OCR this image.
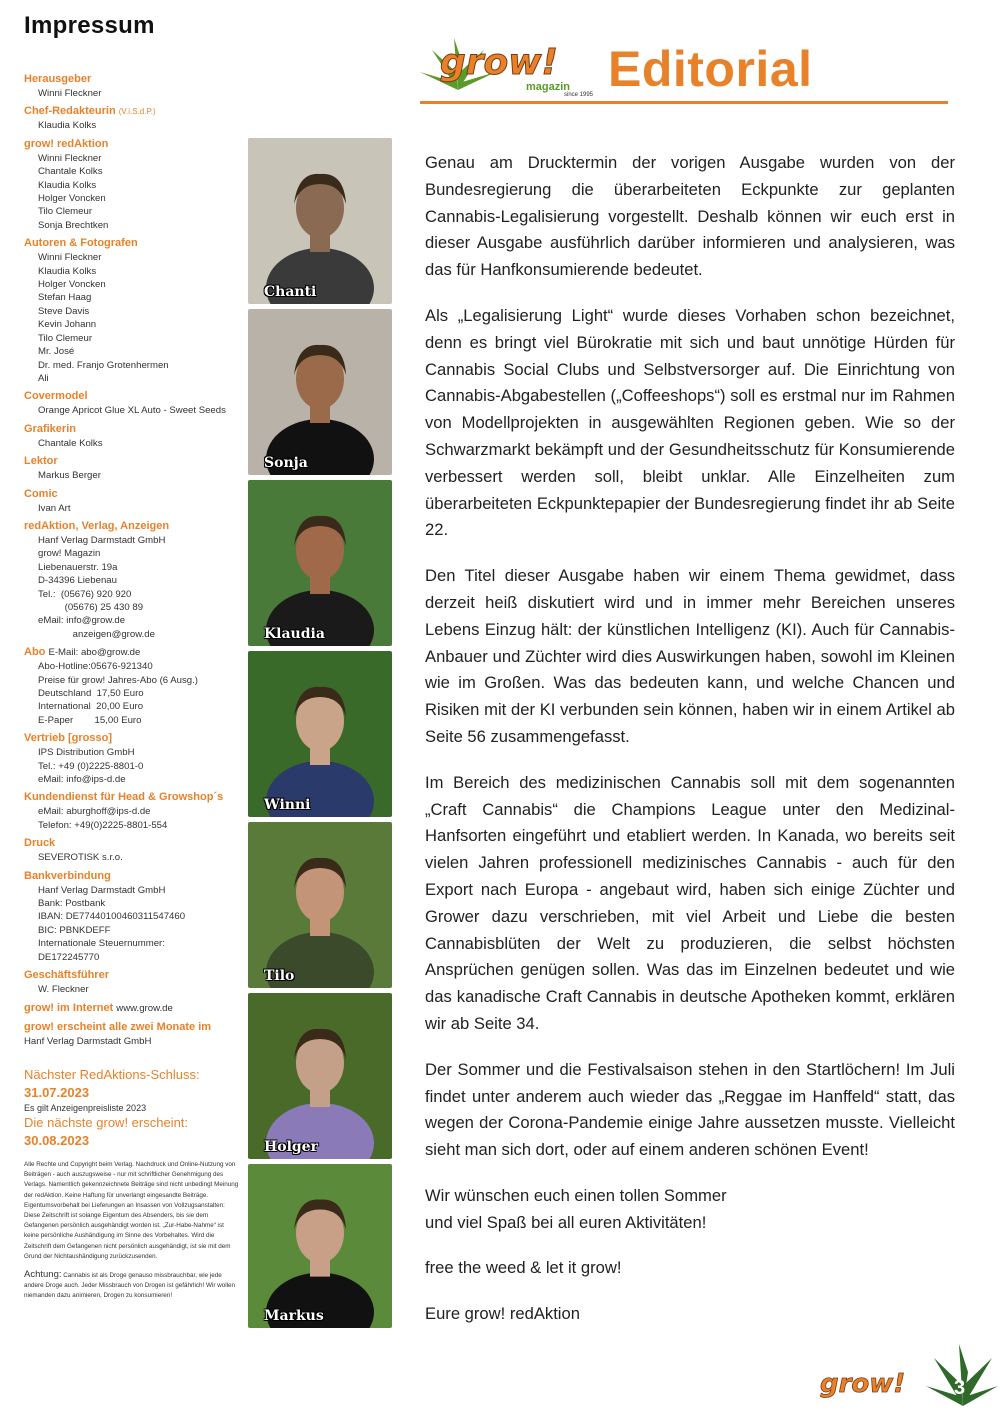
Impressum
Herausgeber
Winni Fleckner
Chef-Redakteurin (V.i.S.d.P.)
Klaudia Kolks
grow! redAktion
Winni Fleckner
Chantale Kolks
Klaudia Kolks
Holger Voncken
Tilo Clemeur
Sonja Brechtken
Autoren & Fotografen
Winni Fleckner
Klaudia Kolks
Holger Voncken
Stefan Haag
Steve Davis
Kevin Johann
Tilo Clemeur
Mr. José
Dr. med. Franjo Grotenhermen
Ali
Covermodel
Orange Apricot Glue XL Auto - Sweet Seeds
Grafikerin
Chantale Kolks
Lektor
Markus Berger
Comic
Ivan Art
redAktion, Verlag, Anzeigen
Hanf Verlag Darmstadt GmbH
grow! Magazin
Liebenauerstr. 19a
D-34396 Liebenau
Tel.:  (05676) 920 920
(05676) 25 430 89
eMail: info@grow.de
anzeigen@grow.de
Abo E-Mail: abo@grow.de
Abo-Hotline:05676-921340
Preise für grow! Jahres-Abo (6 Ausg.)
Deutschland  17,50 Euro
International  20,00 Euro
E-Paper        15,00 Euro
Vertrieb [grosso]
IPS Distribution GmbH
Tel.: +49 (0)2225-8801-0
eMail: info@ips-d.de
Kundendienst für Head & Growshop´s
eMail: aburghoff@ips-d.de
Telefon: +49(0)2225-8801-554
Druck
SEVEROTISK s.r.o.
Bankverbindung
Hanf Verlag Darmstadt GmbH
Bank: Postbank
IBAN: DE77440100460311547460
BIC: PBNKDEFF
Internationale Steuernummer:
DE172245770
Geschäftsführer
W. Fleckner
grow! im Internet www.grow.de
grow! erscheint alle zwei Monate im
Hanf Verlag Darmstadt GmbH
Nächster RedAktions-Schluss:
31.07.2023
Es gilt Anzeigenpreisliste 2023
Die nächste grow! erscheint:
30.08.2023
Alle Rechte und Copyright beim Verlag. Nachdruck und Online-Nutzung von Beiträgen - auch auszugsweise - nur mit schriftlicher Genehmigung des Verlags. Namentlich gekennzeichnete Beiträge sind nicht unbedingt Meinung der redAktion. Keine Haftung für unverlangt eingesandte Beiträge. Eigentumsvorbehalt bei Lieferungen an Insassen von Vollzugsanstalten: Diese Zeitschrift ist solange Eigentum des Absenders, bis sie dem Gefangenen persönlich ausgehändigt worden ist. „Zur-Habe-Nahme“ ist keine persönliche Aushändigung im Sinne des Vorbehaltes. Wird die Zeitschrift dem Gefangenen nicht persönlich ausgehändigt, ist sie mit dem Grund der Nichtaushändigung zurückzusenden.
Achtung: Cannabis ist als Droge genauso missbrauchbar, wie jede andere Droge auch. Jeder Missbrauch von Drogen ist gefährlich! Wir wollen niemanden dazu animieren, Drogen zu konsumieren!
Chanti
Sonja
Klaudia
Winni
Tilo
Holger
Markus
grow!
magazin
since 1995 Editorial

Genau am Drucktermin der vorigen Ausgabe wurden von der Bundesregierung die überarbeiteten Eckpunkte zur geplanten Cannabis-Legalisierung vorgestellt. Deshalb können wir euch erst in dieser Ausgabe ausführlich darüber informieren und analysieren, was das für Hanfkonsumierende bedeutet.

Als „Legalisierung Light“ wurde dieses Vorhaben schon bezeichnet, denn es bringt viel Bürokratie mit sich und baut unnötige Hürden für Cannabis Social Clubs und Selbstversorger auf. Die Einrichtung von Cannabis-Abgabestellen („Coffeeshops“) soll es erstmal nur im Rahmen von Modellprojekten in ausgewählten Regionen geben. Wie so der Schwarzmarkt bekämpft und der Gesundheitsschutz für Konsumierende verbessert werden soll, bleibt unklar. Alle Einzelheiten zum überarbeiteten Eckpunktepapier der Bundesregierung findet ihr ab Seite 22.

Den Titel dieser Ausgabe haben wir einem Thema gewidmet, dass derzeit heiß diskutiert wird und in immer mehr Bereichen unseres Lebens Einzug hält: der künstlichen Intelligenz (KI). Auch für Cannabis-Anbauer und Züchter wird dies Auswirkungen haben, sowohl im Kleinen wie im Großen. Was das bedeuten kann, und welche Chancen und Risiken mit der KI verbunden sein können, haben wir in einem Artikel ab Seite 56 zusammengefasst.

Im Bereich des medizinischen Cannabis soll mit dem sogenannten „Craft Cannabis“ die Champions League unter den Medizinal-Hanfsorten eingeführt und etabliert werden. In Kanada, wo bereits seit vielen Jahren professionell medizinisches Cannabis - auch für den Export nach Europa - angebaut wird, haben sich einige Züchter und Grower dazu verschrieben, mit viel Arbeit und Liebe die besten Cannabisblüten der Welt zu produzieren, die selbst höchsten Ansprüchen genügen sollen. Was das im Einzelnen bedeutet und wie das kanadische Craft Cannabis in deutsche Apotheken kommt, erklären wir ab Seite 34.

Der Sommer und die Festivalsaison stehen in den Startlöchern! Im Juli findet unter anderem auch wieder das „Reggae im Hanffeld“ statt, das wegen der Corona-Pandemie einige Jahre aussetzen musste. Vielleicht sieht man sich dort, oder auf einem anderen schönen Event!

Wir wünschen euch einen tollen Sommer

und viel Spaß bei all euren Aktivitäten!

free the weed & let it grow!

Eure grow! redAktion

grow! 3
